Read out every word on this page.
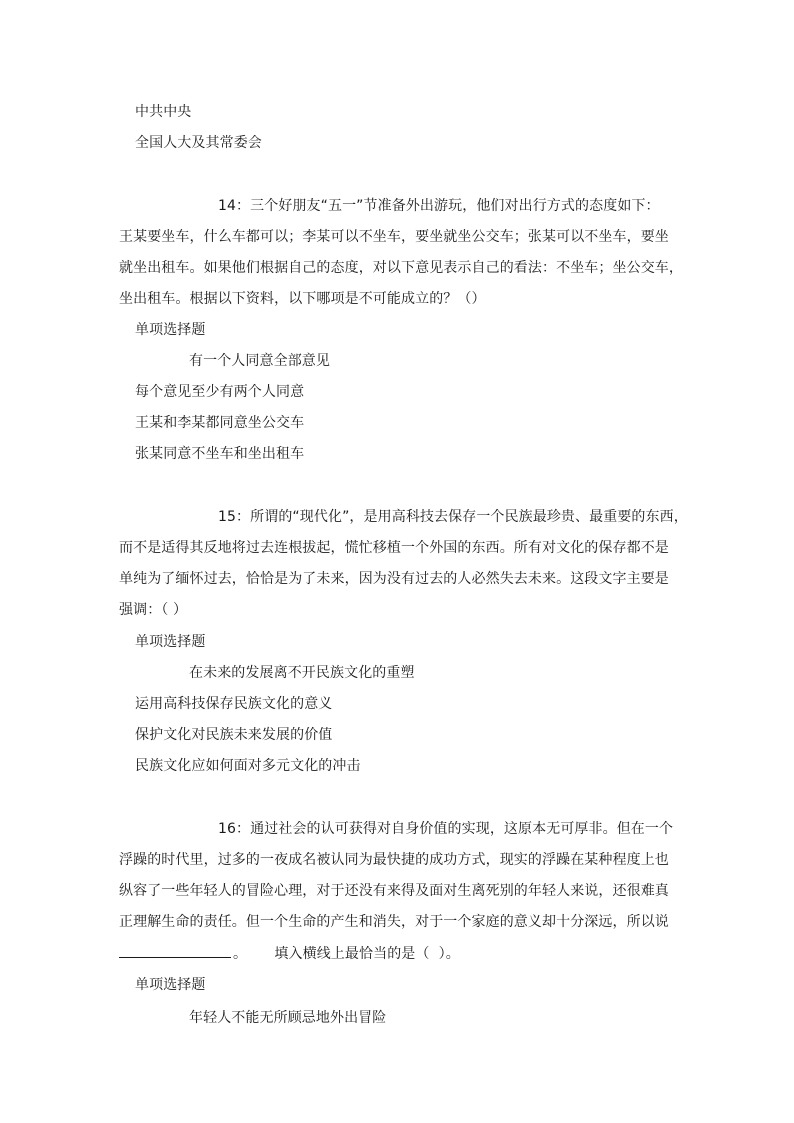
中共中央
全国人大及其常委会
14：三个好朋友“五一”节准备外出游玩，他们对出行方式的态度如下：
王某要坐车，什么车都可以；李某可以不坐车，要坐就坐公交车；张某可以不坐车，要坐
就坐出租车。如果他们根据自己的态度，对以下意见表示自己的看法：不坐车；坐公交车，
坐出租车。根据以下资料，以下哪项是不可能成立的？（）
单项选择题
有一个人同意全部意见
每个意见至少有两个人同意
王某和李某都同意坐公交车
张某同意不坐车和坐出租车
15：所谓的“现代化”，是用高科技去保存一个民族最珍贵、最重要的东西，
而不是适得其反地将过去连根拔起，慌忙移植一个外国的东西。所有对文化的保存都不是
单纯为了缅怀过去，恰恰是为了未来，因为没有过去的人必然失去未来。这段文字主要是
强调：（ ）
单项选择题
在未来的发展离不开民族文化的重塑
运用高科技保存民族文化的意义
保护文化对民族未来发展的价值
民族文化应如何面对多元文化的冲击
16：通过社会的认可获得对自身价值的实现，这原本无可厚非。但在一个
浮躁的时代里，过多的一夜成名被认同为最快捷的成功方式，现实的浮躁在某种程度上也
纵容了一些年轻人的冒险心理，对于还没有来得及面对生离死别的年轻人来说，还很难真
正理解生命的责任。但一个生命的产生和消失，对于一个家庭的意义却十分深远，所以说
。      填入横线上最恰当的是（  ）。
单项选择题
年轻人不能无所顾忌地外出冒险
